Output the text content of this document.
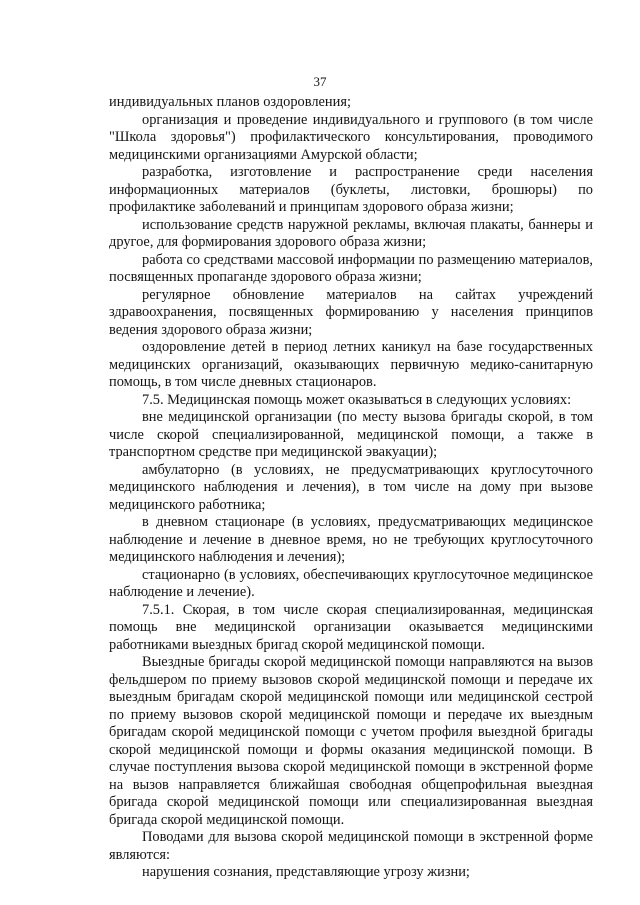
37

индивидуальных планов оздоровления;

организация и проведение индивидуального и группового (в том числе "Школа здоровья") профилактического консультирования, проводимого медицинскими организациями Амурской области;

разработка, изготовление и распространение среди населения информационных материалов (буклеты, листовки, брошюры) по профилактике заболеваний и принципам здорового образа жизни;

использование средств наружной рекламы, включая плакаты, баннеры и другое, для формирования здорового образа жизни;

работа со средствами массовой информации по размещению материалов, посвященных пропаганде здорового образа жизни;

регулярное обновление материалов на сайтах учреждений здравоохранения, посвященных формированию у населения принципов ведения здорового образа жизни;

оздоровление детей в период летних каникул на базе государственных медицинских организаций, оказывающих первичную медико-санитарную помощь, в том числе дневных стационаров.

7.5. Медицинская помощь может оказываться в следующих условиях:

вне медицинской организации (по месту вызова бригады скорой, в том числе скорой специализированной, медицинской помощи, а также в транспортном средстве при медицинской эвакуации);

амбулаторно (в условиях, не предусматривающих круглосуточного медицинского наблюдения и лечения), в том числе на дому при вызове медицинского работника;

в дневном стационаре (в условиях, предусматривающих медицинское наблюдение и лечение в дневное время, но не требующих круглосуточного медицинского наблюдения и лечения);

стационарно (в условиях, обеспечивающих круглосуточное медицинское наблюдение и лечение).

7.5.1. Скорая, в том числе скорая специализированная, медицинская помощь вне медицинской организации оказывается медицинскими работниками выездных бригад скорой медицинской помощи.

Выездные бригады скорой медицинской помощи направляются на вызов фельдшером по приему вызовов скорой медицинской помощи и передаче их выездным бригадам скорой медицинской помощи или медицинской сестрой по приему вызовов скорой медицинской помощи и передаче их выездным бригадам скорой медицинской помощи с учетом профиля выездной бригады скорой медицинской помощи и формы оказания медицинской помощи. В случае поступления вызова скорой медицинской помощи в экстренной форме на вызов направляется ближайшая свободная общепрофильная выездная бригада скорой медицинской помощи или специализированная выездная бригада скорой медицинской помощи.

Поводами для вызова скорой медицинской помощи в экстренной форме являются:

нарушения сознания, представляющие угрозу жизни;
